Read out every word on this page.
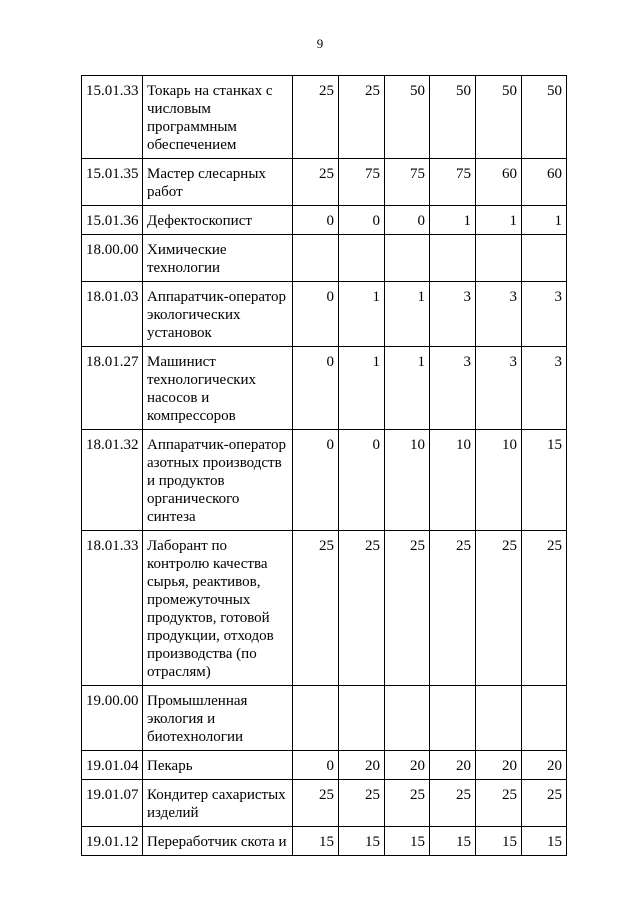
9
15.01.33	Токарь на станках с числовым программным обеспечением	25	25	50	50	50	50
15.01.35	Мастер слесарных работ	25	75	75	75	60	60
15.01.36	Дефектоскопист	0	0	0	1	1	1
18.00.00	Химические технологии						
18.01.03	Аппаратчик-оператор экологических установок	0	1	1	3	3	3
18.01.27	Машинист технологических насосов и компрессоров	0	1	1	3	3	3
18.01.32	Аппаратчик-оператор азотных производств и продуктов органического синтеза	0	0	10	10	10	15
18.01.33	Лаборант по контролю качества сырья, реактивов, промежуточных продуктов, готовой продукции, отходов производства (по отраслям)	25	25	25	25	25	25
19.00.00	Промышленная экология и биотехнологии						
19.01.04	Пекарь	0	20	20	20	20	20
19.01.07	Кондитер сахаристых изделий	25	25	25	25	25	25
19.01.12	Переработчик скота и	15	15	15	15	15	15
